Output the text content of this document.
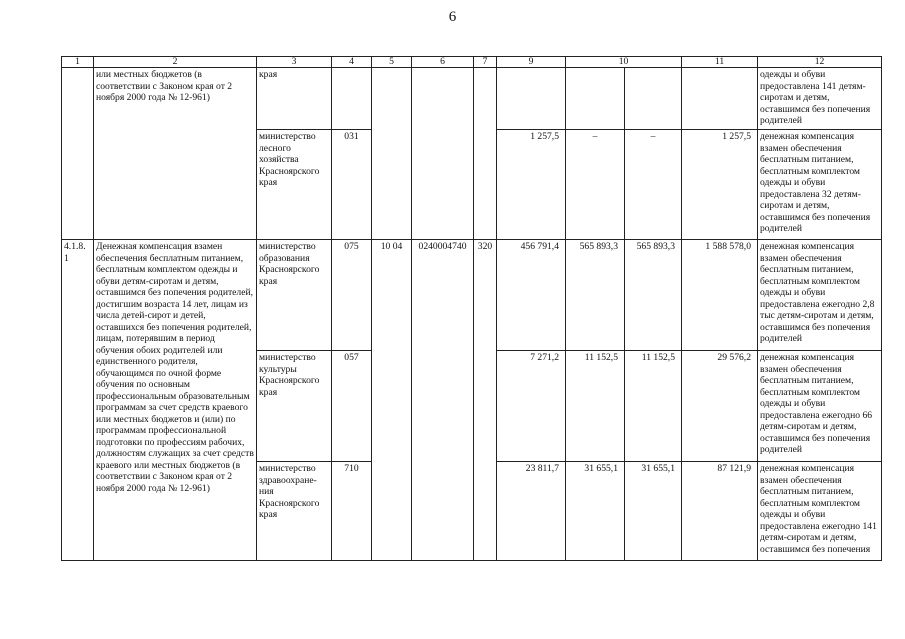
6
1	2	3	4	5	6	7	9	10		11	12
	или местных бюджетов (в соответствии с Законом края от 2 ноября 2000 года № 12-961)	края									одежды и обуви предоставлена 141 детям-сиротам и детям, оставшимся без попечения родителей
		министерство лесного хозяйства Красноярского края	031				1 257,5	–	–	1 257,5	денежная компенсация взамен обеспечения бесплатным питанием, бесплатным комплектом одежды и обуви предоставлена 32 детям-сиротам и детям, оставшимся без попечения родителей
4.1.8. 1	Денежная компенсация взамен обеспечения бесплатным питанием, бесплатным комплектом одежды и обуви детям-сиротам и детям, оставшимся без попечения родителей, достигшим возраста 14 лет, лицам из числа детей-сирот и детей, оставшихся без попечения родителей, лицам, потерявшим в период обучения обоих родителей или единственного родителя, обучающимся по очной форме обучения по основным профессиональным образовательным программам за счет средств краевого или местных бюджетов и (или) по программам профессиональной подготовки по профессиям рабочих, должностям служащих за счет средств краевого или местных бюджетов (в соответствии с Законом края от 2 ноября 2000 года № 12-961)	министерство образования Красноярского края	075	10 04	0240004740	320	456 791,4	565 893,3	565 893,3	1 588 578,0	денежная компенсация взамен обеспечения бесплатным питанием, бесплатным комплектом одежды и обуви предоставлена ежегодно 2,8 тыс детям-сиротам и детям, оставшимся без попечения родителей
		министерство культуры Красноярского края	057				7 271,2	11 152,5	11 152,5	29 576,2	денежная компенсация взамен обеспечения бесплатным питанием, бесплатным комплектом одежды и обуви предоставлена ежегодно 66 детям-сиротам и детям, оставшимся без попечения родителей
		министерство здравоохране-ния Красноярского края	710				23 811,7	31 655,1	31 655,1	87 121,9	денежная компенсация взамен обеспечения бесплатным питанием, бесплатным комплектом одежды и обуви предоставлена ежегодно 141 детям-сиротам и детям, оставшимся без попечения
